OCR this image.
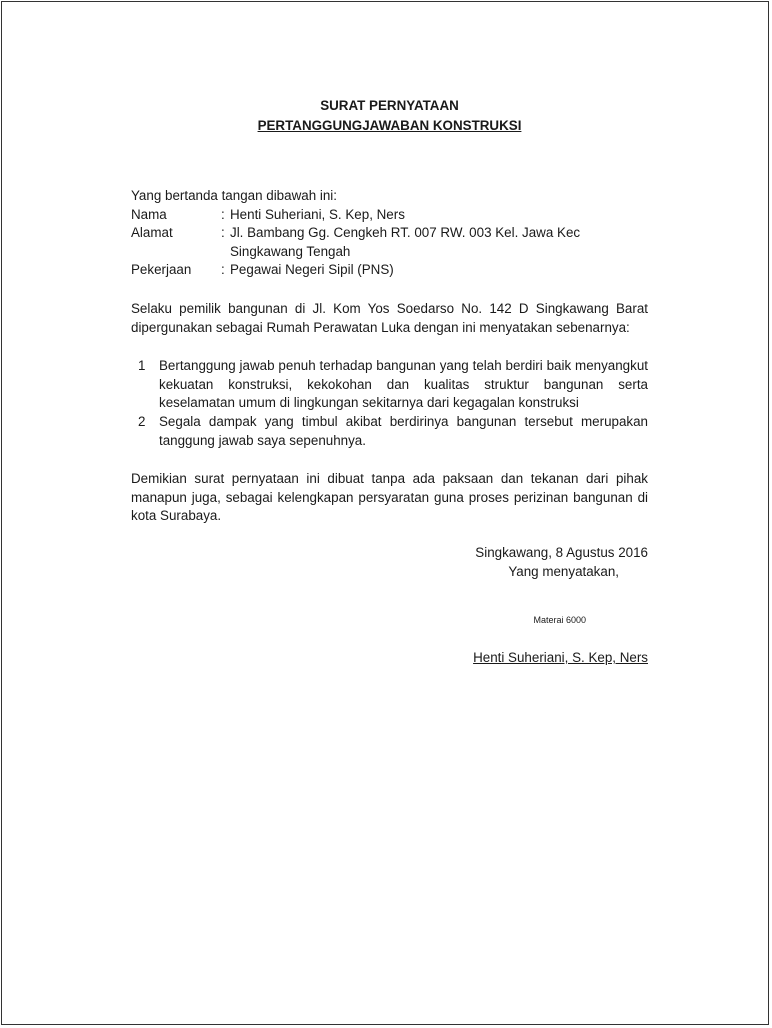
SURAT PERNYATAAN

PERTANGGUNGJAWABAN KONSTRUKSI

Yang bertanda tangan dibawah ini:
Nama	: Henti Suheriani, S. Kep, Ners
Alamat	: Jl. Bambang Gg. Cengkeh RT. 007 RW. 003 Kel. Jawa Kec
Singkawang Tengah
Pekerjaan	: Pegawai Negeri Sipil (PNS)
Selaku pemilik bangunan di Jl. Kom Yos Soedarso No. 142 D Singkawang Barat dipergunakan sebagai Rumah Perawatan Luka dengan ini menyatakan sebenarnya:
1	Bertanggung jawab penuh terhadap bangunan yang telah berdiri baik menyangkut kekuatan konstruksi, kekokohan dan kualitas struktur bangunan serta keselamatan umum di lingkungan sekitarnya dari kegagalan konstruksi
2	Segala dampak yang timbul akibat berdirinya bangunan tersebut merupakan tanggung jawab saya sepenuhnya.
Demikian surat pernyataan ini dibuat tanpa ada paksaan dan tekanan dari pihak manapun juga, sebagai kelengkapan persyaratan guna proses perizinan bangunan di kota Surabaya.
Singkawang, 8 Agustus 2016
Yang menyatakan,
Materai 6000
Henti Suheriani, S. Kep, Ners
